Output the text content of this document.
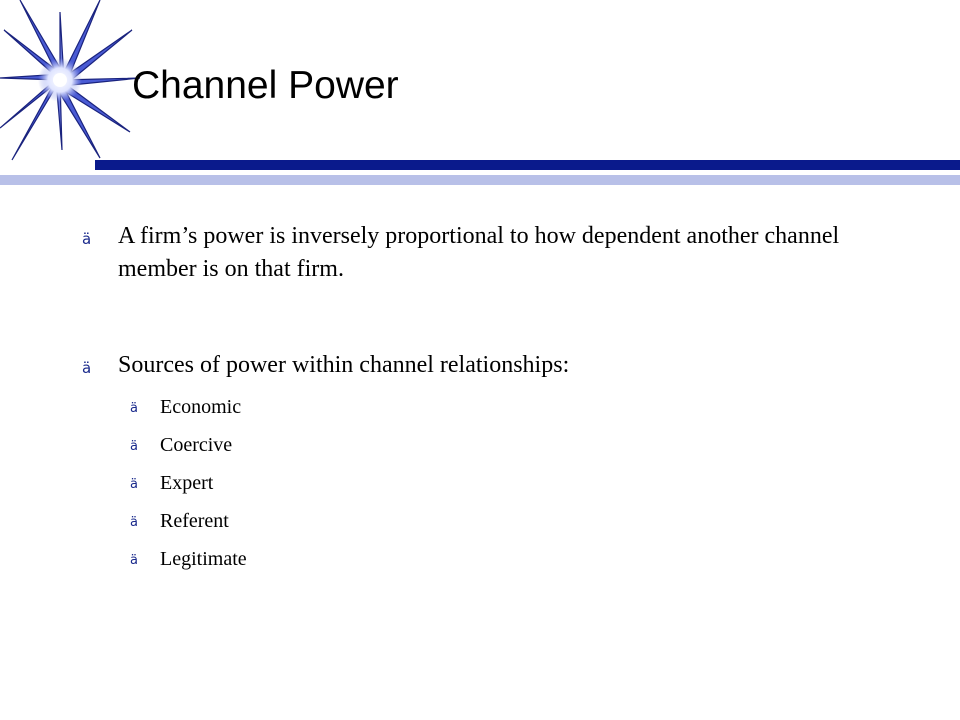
Channel Power
ä	A firm’s power is inversely proportional to how dependent another channel member is on that firm.
ä	Sources of power within channel relationships:
ä	Economic
ä	Coercive
ä	Expert
ä	Referent
ä	Legitimate
